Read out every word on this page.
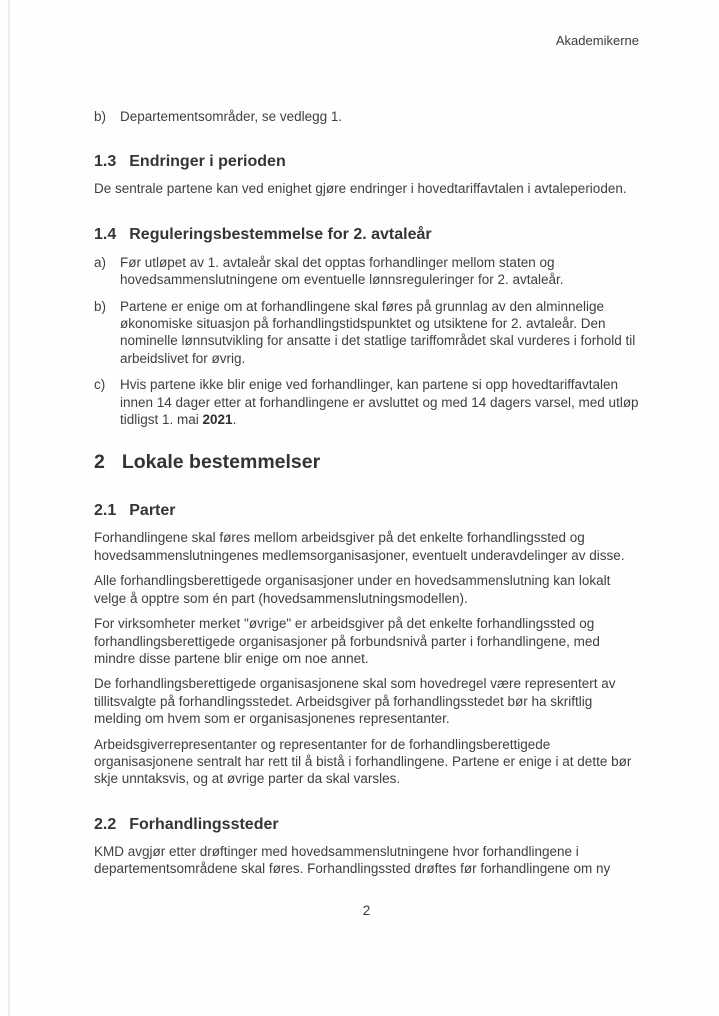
Akademikerne
b)	Departementsområder, se vedlegg 1.
1.3 Endringer i perioden

De sentrale partene kan ved enighet gjøre endringer i hovedtariffavtalen i avtaleperioden.

1.4 Reguleringsbestemmelse for 2. avtaleår
a)	Før utløpet av 1. avtaleår skal det opptas forhandlinger mellom staten og hovedsammenslutningene om eventuelle lønnsreguleringer for 2. avtaleår.
b)	Partene er enige om at forhandlingene skal føres på grunnlag av den alminnelige økonomiske situasjon på forhandlingstidspunktet og utsiktene for 2. avtaleår. Den nominelle lønnsutvikling for ansatte i det statlige tariffområdet skal vurderes i forhold til arbeidslivet for øvrig.
c)	Hvis partene ikke blir enige ved forhandlinger, kan partene si opp hovedtariffavtalen innen 14 dager etter at forhandlingene er avsluttet og med 14 dagers varsel, med utløp tidligst 1. mai 2021.
2 Lokale bestemmelser
2.1 Parter

Forhandlingene skal føres mellom arbeidsgiver på det enkelte forhandlingssted og hovedsammenslutningenes medlemsorganisasjoner, eventuelt underavdelinger av disse.

Alle forhandlingsberettigede organisasjoner under en hovedsammenslutning kan lokalt velge å opptre som én part (hovedsammenslutningsmodellen).

For virksomheter merket "øvrige" er arbeidsgiver på det enkelte forhandlingssted og forhandlingsberettigede organisasjoner på forbundsnivå parter i forhandlingene, med mindre disse partene blir enige om noe annet.

De forhandlingsberettigede organisasjonene skal som hovedregel være representert av tillitsvalgte på forhandlingsstedet. Arbeidsgiver på forhandlingsstedet bør ha skriftlig melding om hvem som er organisasjonenes representanter.

Arbeidsgiverrepresentanter og representanter for de forhandlingsberettigede organisasjonene sentralt har rett til å bistå i forhandlingene. Partene er enige i at dette bør skje unntaksvis, og at øvrige parter da skal varsles.

2.2 Forhandlingssteder

KMD avgjør etter drøftinger med hovedsammenslutningene hvor forhandlingene i departementsområdene skal føres. Forhandlingssted drøftes før forhandlingene om ny

2
